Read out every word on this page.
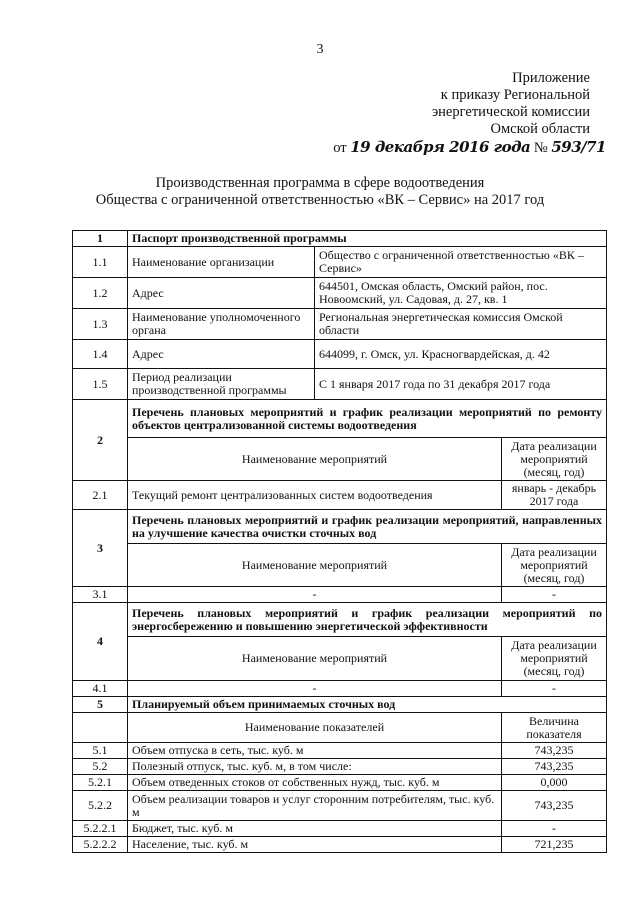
3
Приложение
к приказу Региональной
энергетической комиссии
Омской области
от 19 декабря 2016 года № 593/71
Производственная программа в сфере водоотведения
Общества с ограниченной ответственностью «ВК – Сервис» на 2017 год
1	Паспорт производственной программы		
1.1	Наименование организации	Общество с ограниченной ответственностью «ВК – Сервис»	
1.2	Адрес	644501, Омская область, Омский район, пос. Новоомский, ул. Садовая, д. 27, кв. 1	
1.3	Наименование уполномоченного органа	Региональная энергетическая комиссия Омской области	
1.4	Адрес	644099, г. Омск, ул. Красногвардейская, д. 42	
1.5	Период реализации производственной программы	С 1 января 2017 года по 31 декабря 2017 года	
2	Перечень плановых мероприятий и график реализации мероприятий по ремонту объектов централизованной системы водоотведения		
	Наименование мероприятий		Дата реализации мероприятий (месяц, год)
2.1	Текущий ремонт централизованных систем водоотведения		январь - декабрь 2017 года
3	Перечень плановых мероприятий и график реализации мероприятий, направленных на улучшение качества очистки сточных вод		
	Наименование мероприятий		Дата реализации мероприятий (месяц, год)
3.1	-		-
4	Перечень плановых мероприятий и график реализации мероприятий по энергосбережению и повышению энергетической эффективности		
	Наименование мероприятий		Дата реализации мероприятий (месяц, год)
4.1	-		-
5	Планируемый объем принимаемых сточных вод		
	Наименование показателей		Величина показателя
5.1	Объем отпуска в сеть, тыс. куб. м		743,235
5.2	Полезный отпуск, тыс. куб. м, в том числе:		743,235
5.2.1	Объем отведенных стоков от собственных нужд, тыс. куб. м		0,000
5.2.2	Объем реализации товаров и услуг сторонним потребителям, тыс. куб. м		743,235
5.2.2.1	Бюджет, тыс. куб. м		-
5.2.2.2	Население, тыс. куб. м		721,235
